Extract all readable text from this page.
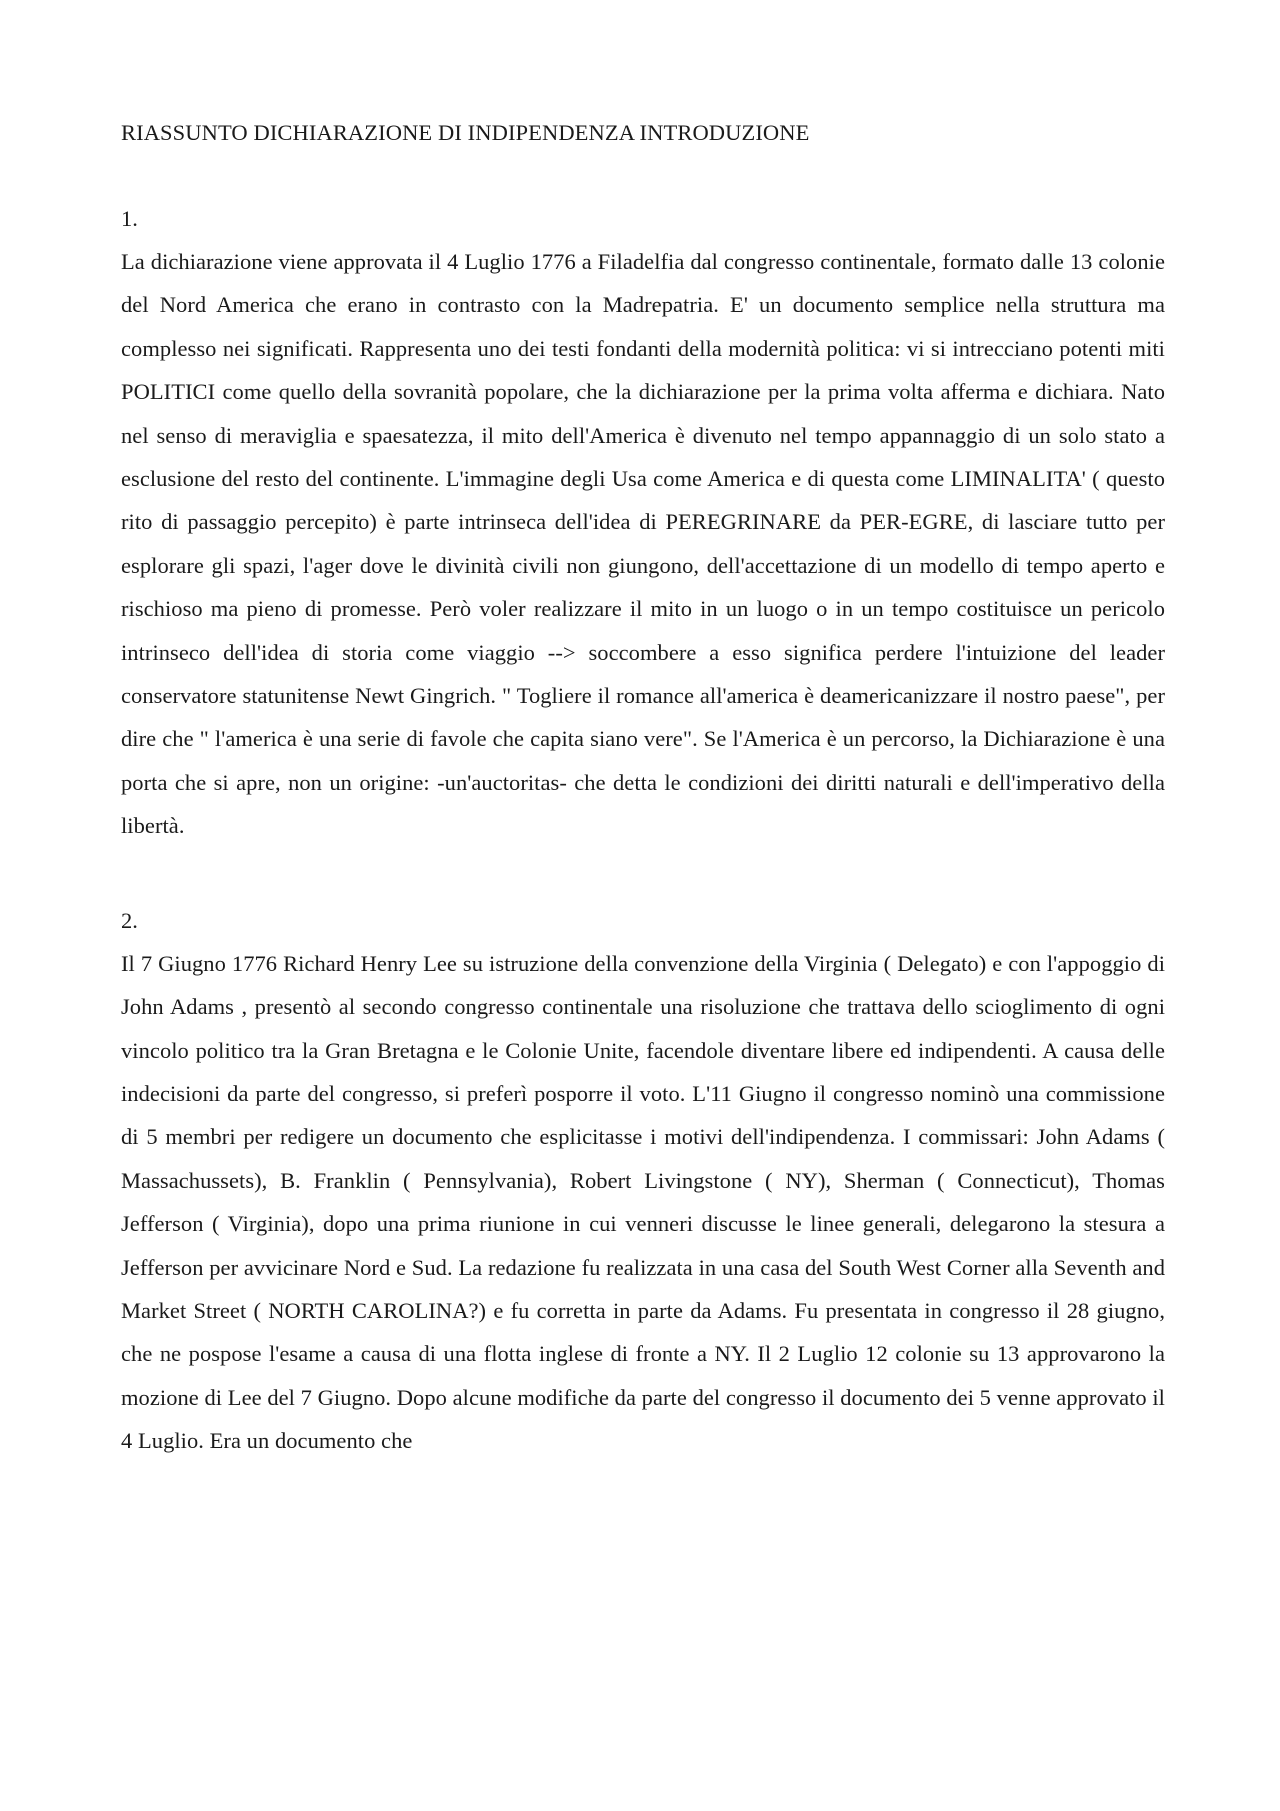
RIASSUNTO DICHIARAZIONE DI INDIPENDENZA INTRODUZIONE

1.

La dichiarazione viene approvata il 4 Luglio 1776 a Filadelfia dal congresso continentale, formato dalle 13 colonie del Nord America che erano in contrasto con la Madrepatria. E' un documento semplice nella struttura ma complesso nei significati. Rappresenta uno dei testi fondanti della modernità politica: vi si intrecciano potenti miti POLITICI come quello della sovranità popolare, che la dichiarazione per la prima volta afferma e dichiara. Nato nel senso di meraviglia e spaesatezza, il mito dell'America è divenuto nel tempo appannaggio di un solo stato a esclusione del resto del continente. L'immagine degli Usa come America e di questa come LIMINALITA' ( questo rito di passaggio percepito) è parte intrinseca dell'idea di PEREGRINARE da PER-EGRE, di lasciare tutto per esplorare gli spazi, l'ager dove le divinità civili non giungono, dell'accettazione di un modello di tempo aperto e rischioso ma pieno di promesse. Però voler realizzare il mito in un luogo o in un tempo costituisce un pericolo intrinseco dell'idea di storia come viaggio --> soccombere a esso significa perdere l'intuizione del leader conservatore statunitense Newt Gingrich. " Togliere il romance all'america è deamericanizzare il nostro paese", per dire che " l'america è una serie di favole che capita siano vere". Se l'America è un percorso, la Dichiarazione è una porta che si apre, non un origine: -un'auctoritas- che detta le condizioni dei diritti naturali e dell'imperativo della libertà.

2.

Il 7 Giugno 1776 Richard Henry Lee su istruzione della convenzione della Virginia ( Delegato) e con l'appoggio di John Adams , presentò al secondo congresso continentale una risoluzione che trattava dello scioglimento di ogni vincolo politico tra la Gran Bretagna e le Colonie Unite, facendole diventare libere ed indipendenti. A causa delle indecisioni da parte del congresso, si preferì posporre il voto. L'11 Giugno il congresso nominò una commissione di 5 membri per redigere un documento che esplicitasse i motivi dell'indipendenza. I commissari: John Adams ( Massachussets), B. Franklin ( Pennsylvania), Robert Livingstone ( NY), Sherman ( Connecticut), Thomas Jefferson ( Virginia), dopo una prima riunione in cui venneri discusse le linee generali, delegarono la stesura a Jefferson per avvicinare Nord e Sud. La redazione fu realizzata in una casa del South West Corner alla Seventh and Market Street ( NORTH CAROLINA?) e fu corretta in parte da Adams. Fu presentata in congresso il 28 giugno, che ne pospose l'esame a causa di una flotta inglese di fronte a NY. Il 2 Luglio 12 colonie su 13 approvarono la mozione di Lee del 7 Giugno. Dopo alcune modifiche da parte del congresso il documento dei 5 venne approvato il 4 Luglio. Era un documento che
